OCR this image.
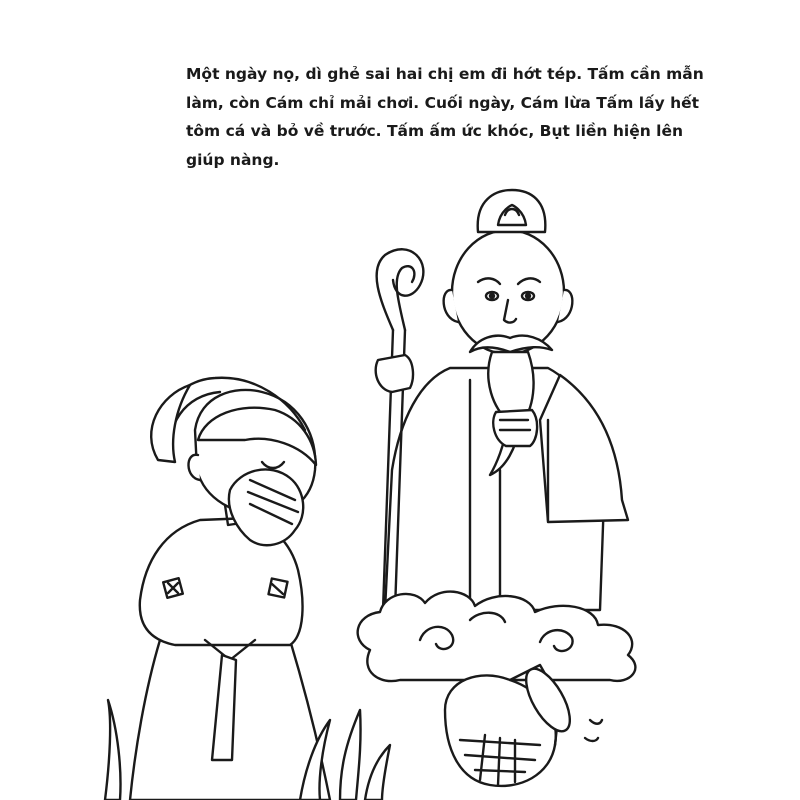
Một ngày nọ, dì ghẻ sai hai chị em đi hớt tép. Tấm cần mẫn
làm, còn Cám chỉ mải chơi. Cuối ngày, Cám lừa Tấm lấy hết
tôm cá và bỏ về trước. Tấm ấm ức khóc, Bụt liền hiện lên
giúp nàng.
